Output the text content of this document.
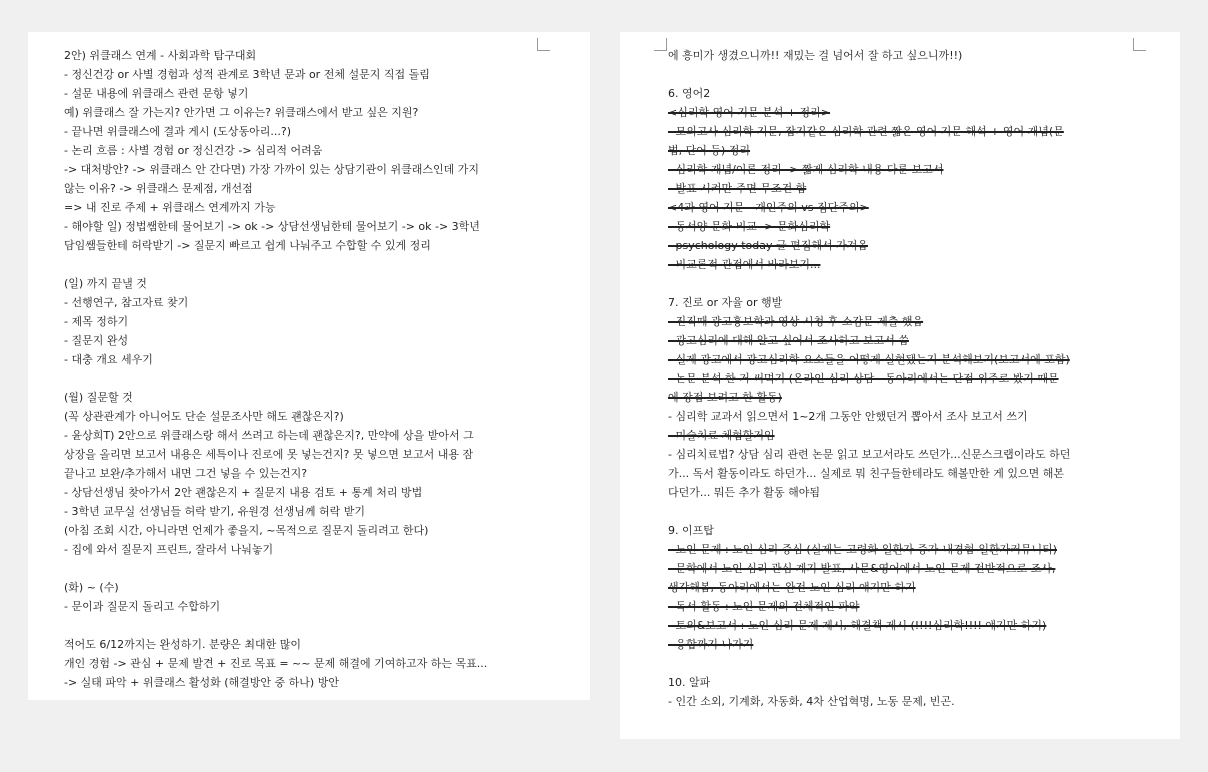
2안) 위클래스 연계 - 사회과학 탐구대회
- 정신건강 or 사별 경험과 성적 관계로 3학년 문과 or 전체 설문지 직접 돌림
- 설문 내용에 위클래스 관련 문항 넣기
예) 위클래스 잘 가는지? 안가면 그 이유는? 위클래스에서 받고 싶은 지원?
- 끝나면 위클래스에 결과 게시 (도상동아리...?)
- 논리 흐름 : 사별 경험 or 정신건강 -> 심리적 어려움
-> 대처방안? -> 위클래스 안 간다면) 가장 가까이 있는 상담기관이 위클래스인데 가지
않는 이유? -> 위클래스 문제점, 개선점
=> 내 진로 주제 + 위클래스 연계까지 가능
- 해야할 일) 정법쌤한테 물어보기 -> ok -> 상담선생님한테 물어보기 -> ok -> 3학년
담임쌤들한테 허락받기 -> 질문지 빠르고 쉽게 나눠주고 수합할 수 있게 정리
(일) 까지 끝낼 것
- 선행연구, 참고자료 찾기
- 제목 정하기
- 질문지 완성
- 대충 개요 세우기
(월) 질문할 것
(꼭 상관관계가 아니어도 단순 설문조사만 해도 괜찮은지?)
- 윤상희T) 2안으로 위클래스랑 해서 쓰려고 하는데 괜찮은지?, 만약에 상을 받아서 그
상장을 올리면 보고서 내용은 세특이나 진로에 못 넣는건지? 못 넣으면 보고서 내용 잠
끝나고 보완/추가해서 내면 그건 넣을 수 있는건지?
- 상담선생님 찾아가서 2안 괜찮은지 + 질문지 내용 검토 + 통계 처리 방법
- 3학년 교무실 선생님들 허락 받기, 유원경 선생님께 허락 받기
(아침 조회 시간, 아니라면 언제가 좋을지, ~목적으로 질문지 돌리려고 한다)
- 집에 와서 질문지 프린트, 잘라서 나눠놓기
(화) ~ (수)
- 문이과 질문지 돌리고 수합하기
적어도 6/12까지는 완성하기. 분량은 최대한 많이
개인 경험 -> 관심 + 문제 발견 + 진로 목표 = ~~ 문제 해결에 기여하고자 하는 목표...
-> 실태 파악 + 위클래스 활성화 (해결방안 중 하나) 방안
에 흥미가 생겼으니까!! 재밌는 걸 넘어서 잘 하고 싶으니까!!)
6. 영어2
<심리학 영어 지문 분석 + 정리>
- 모의고사 심리학 지문, 잡지같은 심리학 관련 짧은 영어 지문 해석 + 영어 개념(문
법, 단어 등) 정리
- 심리학 개념/이론 정리 -> 짧게 심리학 내용 다룬 보고서
- 발표 시켜만 주면 무조건 함
<4과 영어 지문 - 개인주의 vs 집단주의>
- 동서양 문화 비교 -> 문화심리학
- psychology today 글 편집해서 가져옴
- 비교론적 관점에서 바라보기...
7. 진로 or 자율 or 행발
- 진직때 광고홍보학과 영상 시청 후 소감문 제출 했음
- 광고심리에 대해 알고 싶어서 조사하고 보고서 씀
- 실제 광고에서 광고심리학 요소들을 어떻게 실현됐는지 분석해보기(보고서에 포함)
- 논문 분석 한 거 써먹기 (온라인 심리 상담 - 동아리에서는 단점 위주로 봤기 때문
에 장점 보려고 한 활동)
- 심리학 교과서 읽으면서 1~2개 그동안 안했던거 뽑아서 조사 보고서 쓰기
- 미술치료 체험할거임
- 심리치료법? 상담 심리 관련 논문 읽고 보고서라도 쓰던가...신문스크랩이라도 하던
가... 독서 활동이라도 하던가... 실제로 뭐 친구들한테라도 해볼만한 게 있으면 해본
다던가... 뭐든 추가 활동 해야됨
9. 이프탑
- 노인 문제 : 노인 심리 중심 (실제는 고령화-일환자 증가-내경험-일환자커뮤니티)
- 문학에서 노인 심리 관심 계기 발표, 사문&영어에서 노인 문제 전반적으로 조사,
생각해봄, 동아리에서는 완전 노인 심리 얘기만 하기
- 독서 활동 : 노인 문제의 전체적인 파악
- 토의&보고서 : 노인 심리 문제 제시, 해결책 제시 (!!!!심리학!!!! 얘기만 하기)
- 응합까지 나가기
10. 알파
- 인간 소외, 기계화, 자동화, 4차 산업혁명, 노동 문제, 빈곤.
